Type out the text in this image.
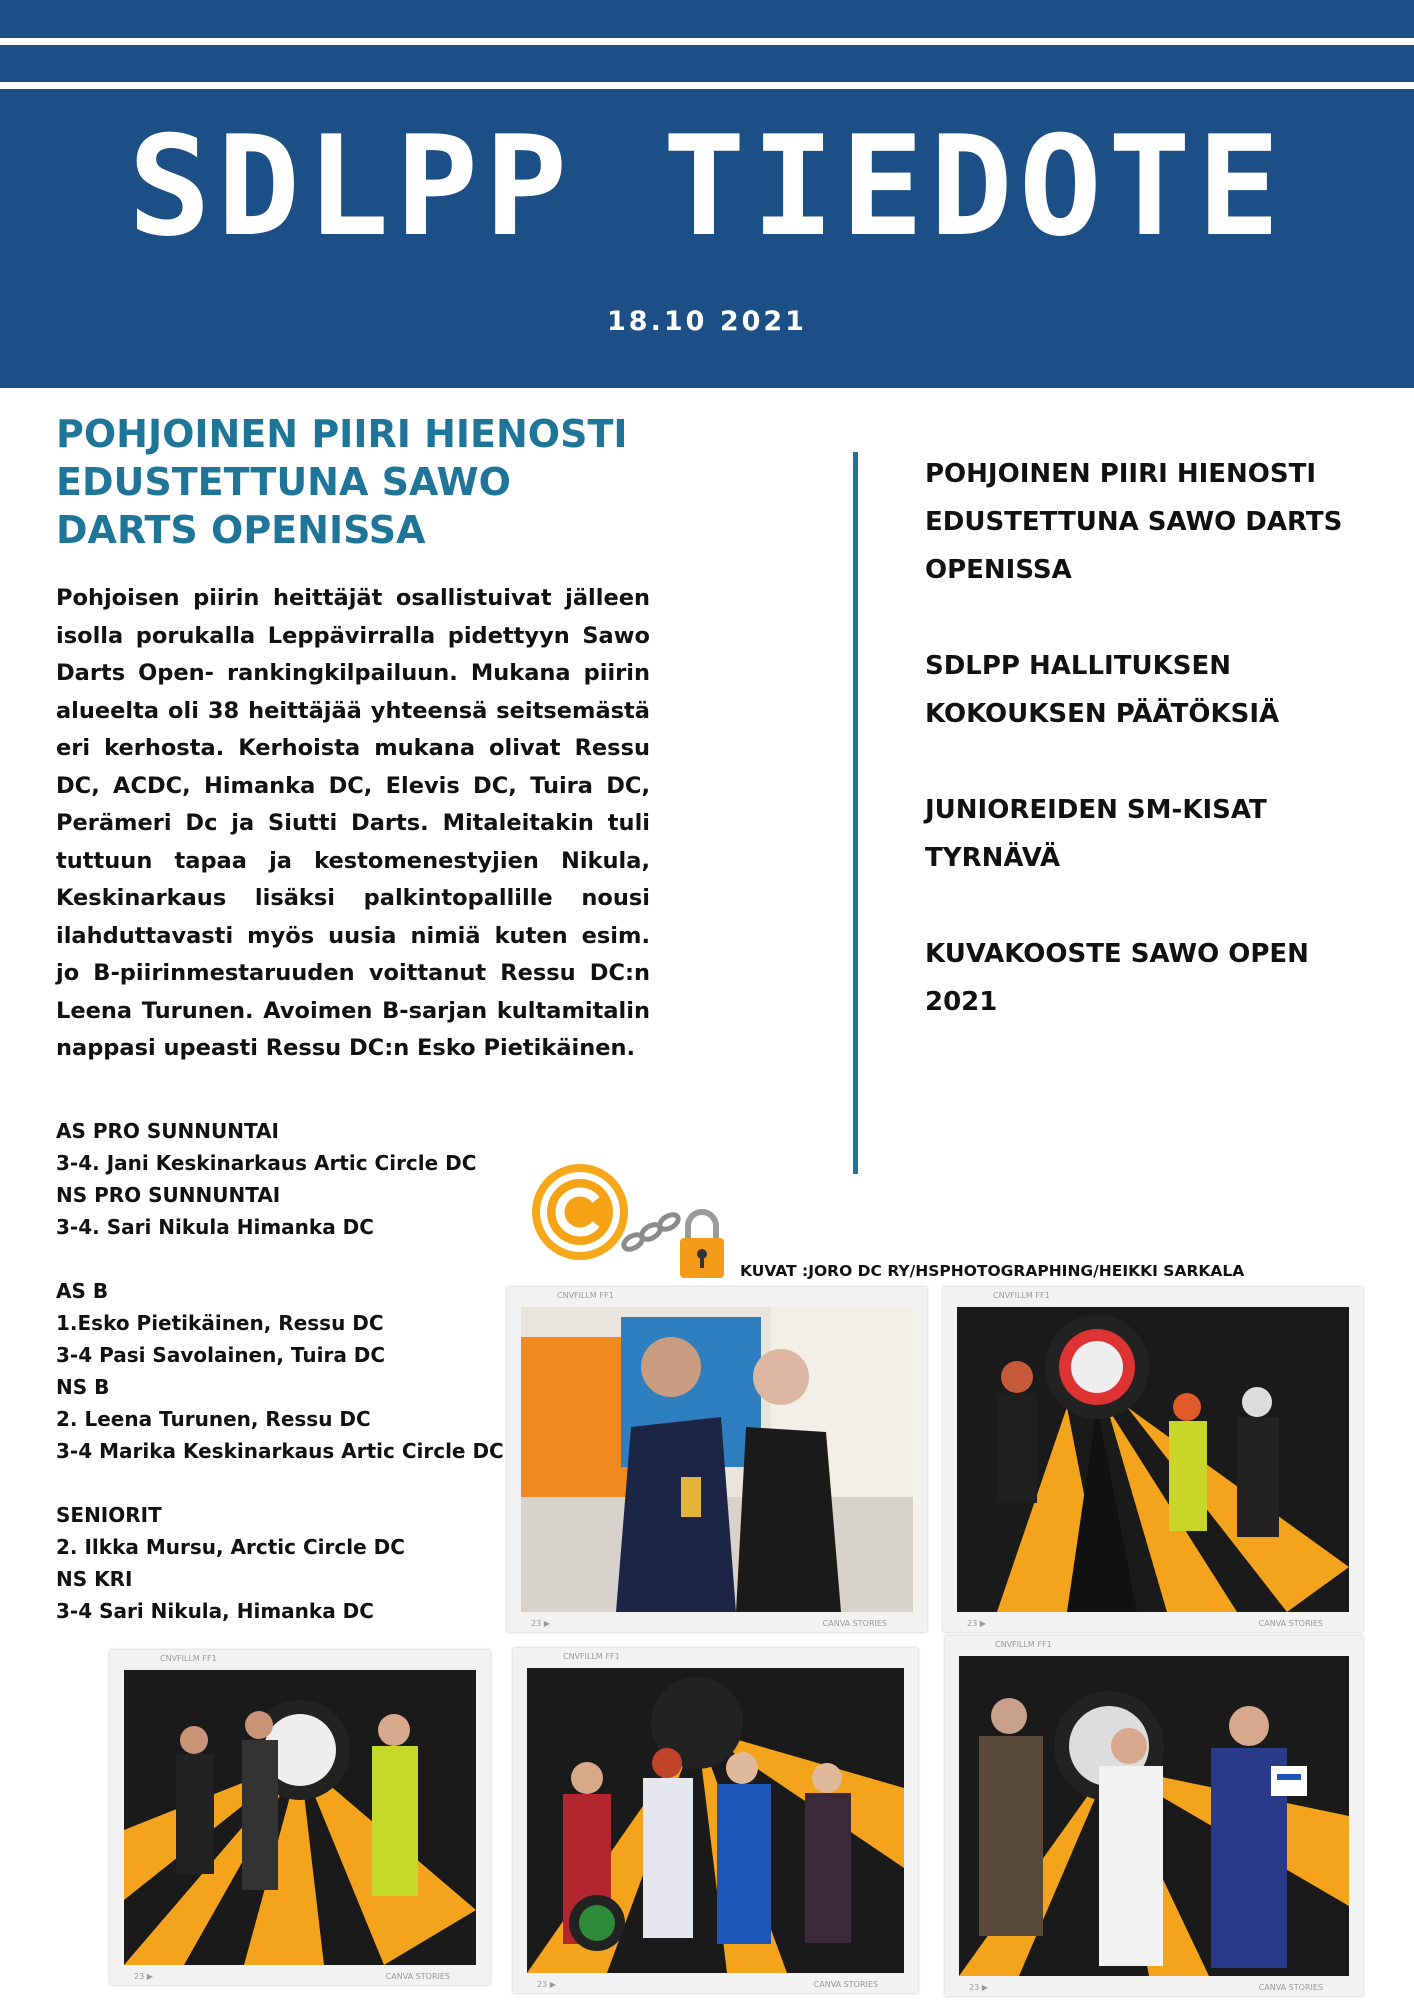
SDLPP TIEDOTE
18.10 2021
POHJOINEN PIIRI HIENOSTI EDUSTETTUNA SAWO DARTS OPENISSA

Pohjoisen piirin heittäjät osallistuivat jälleen isolla porukalla Leppävirralla pidettyyn Sawo Darts Open- rankingkilpailuun. Mukana piirin alueelta oli 38 heittäjää yhteensä seitsemästä eri kerhosta. Kerhoista mukana olivat Ressu DC, ACDC, Himanka DC, Elevis DC, Tuira DC, Perämeri Dc ja Siutti Darts. Mitaleitakin tuli tuttuun tapaa ja kestomenestyjien Nikula, Keskinarkaus lisäksi palkintopallille nousi ilahduttavasti myös uusia nimiä kuten esim. jo B-piirinmestaruuden voittanut Ressu DC:n Leena Turunen. Avoimen B-sarjan kultamitalin nappasi upeasti Ressu DC:n Esko Pietikäinen.

AS PRO SUNNUNTAI
3-4. Jani Keskinarkaus Artic Circle DC
NS PRO SUNNUNTAI
3-4. Sari Nikula Himanka DC
AS B
1.Esko Pietikäinen, Ressu DC
3-4 Pasi Savolainen, Tuira DC
NS B
2. Leena Turunen, Ressu DC
3-4 Marika Keskinarkaus Artic Circle DC
SENIORIT
2. Ilkka Mursu, Arctic Circle DC
NS KRI
3-4 Sari Nikula, Himanka DC
POHJOINEN PIIRI HIENOSTI EDUSTETTUNA SAWO DARTS OPENISSA
SDLPP HALLITUKSEN KOKOUKSEN PÄÄTÖKSIÄ
JUNIOREIDEN SM-KISAT TYRNÄVÄ
KUVAKOOSTE SAWO OPEN 2021
KUVAT :JORO DC RY/HSPHOTOGRAPHING/HEIKKI SARKALA
CNVFILLM FF1
23 ▶	CANVA STORIES
CNVFILLM FF1
23 ▶	CANVA STORIES
CNVFILLM FF1
23 ▶	CANVA STORIES
CNVFILLM FF1
23 ▶	CANVA STORIES
CNVFILLM FF1
23 ▶	CANVA STORIES
